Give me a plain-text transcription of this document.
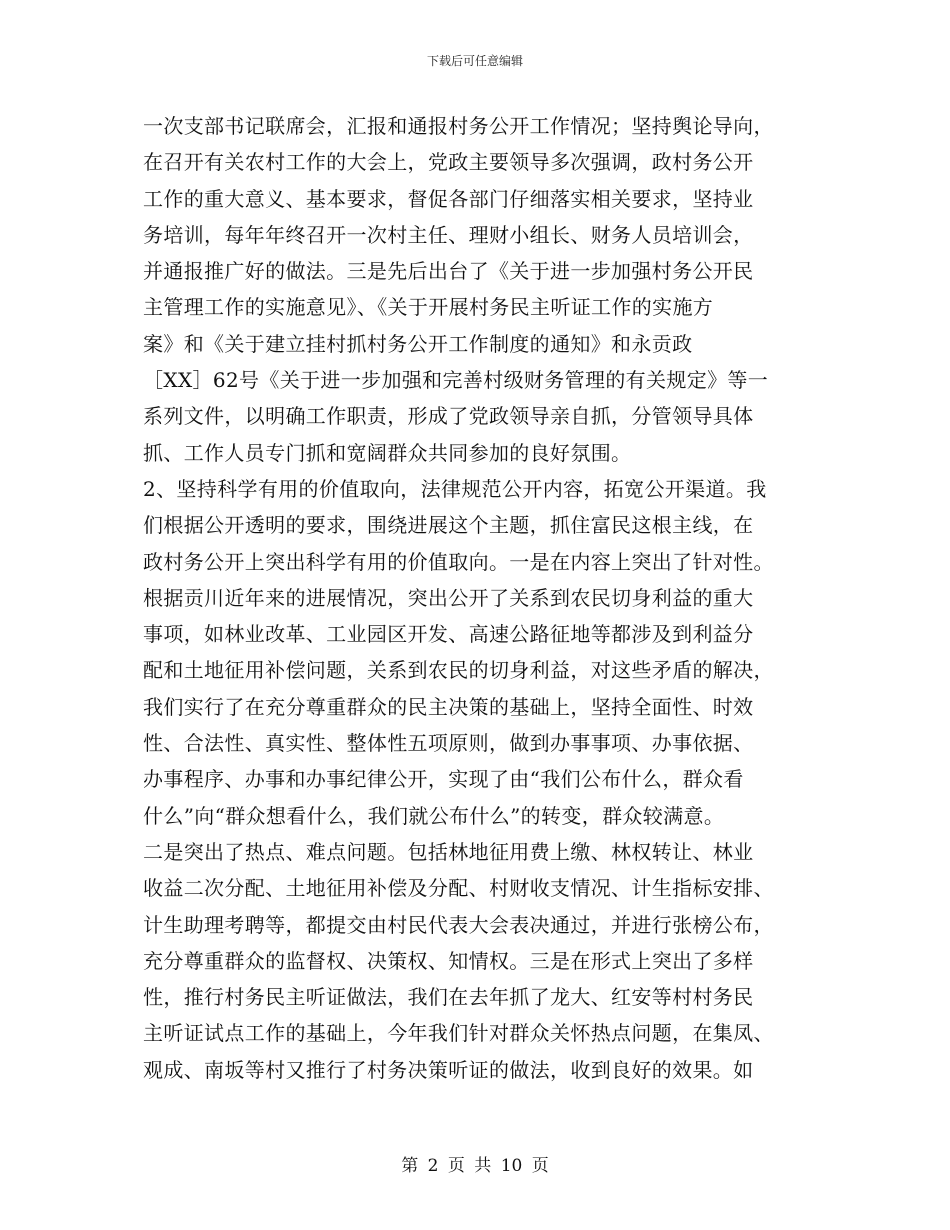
下载后可任意编辑
一次支部书记联席会，汇报和通报村务公开工作情况；坚持舆论导向，
在召开有关农村工作的大会上，党政主要领导多次强调，政村务公开
工作的重大意义、基本要求，督促各部门仔细落实相关要求，坚持业
务培训，每年年终召开一次村主任、理财小组长、财务人员培训会，
并通报推广好的做法。三是先后出台了《关于进一步加强村务公开民
主管理工作的实施意见》、《关于开展村务民主听证工作的实施方
案》和《关于建立挂村抓村务公开工作制度的通知》和永贡政
［XX］62号《关于进一步加强和完善村级财务管理的有关规定》等一
系列文件，以明确工作职责，形成了党政领导亲自抓，分管领导具体
抓、工作人员专门抓和宽阔群众共同参加的良好氛围。
2、坚持科学有用的价值取向，法律规范公开内容，拓宽公开渠道。我
们根据公开透明的要求，围绕进展这个主题，抓住富民这根主线，在
政村务公开上突出科学有用的价值取向。一是在内容上突出了针对性。
根据贡川近年来的进展情况，突出公开了关系到农民切身利益的重大
事项，如林业改革、工业园区开发、高速公路征地等都涉及到利益分
配和土地征用补偿问题，关系到农民的切身利益，对这些矛盾的解决，
我们实行了在充分尊重群众的民主决策的基础上，坚持全面性、时效
性、合法性、真实性、整体性五项原则，做到办事事项、办事依据、
办事程序、办事和办事纪律公开，实现了由“我们公布什么，群众看
什么”向“群众想看什么，我们就公布什么”的转变，群众较满意。
二是突出了热点、难点问题。包括林地征用费上缴、林权转让、林业
收益二次分配、土地征用补偿及分配、村财收支情况、计生指标安排、
计生助理考聘等，都提交由村民代表大会表决通过，并进行张榜公布，
充分尊重群众的监督权、决策权、知情权。三是在形式上突出了多样
性，推行村务民主听证做法，我们在去年抓了龙大、红安等村村务民
主听证试点工作的基础上，今年我们针对群众关怀热点问题，在集凤、
观成、南坂等村又推行了村务决策听证的做法，收到良好的效果。如
第 2 页 共 10 页
